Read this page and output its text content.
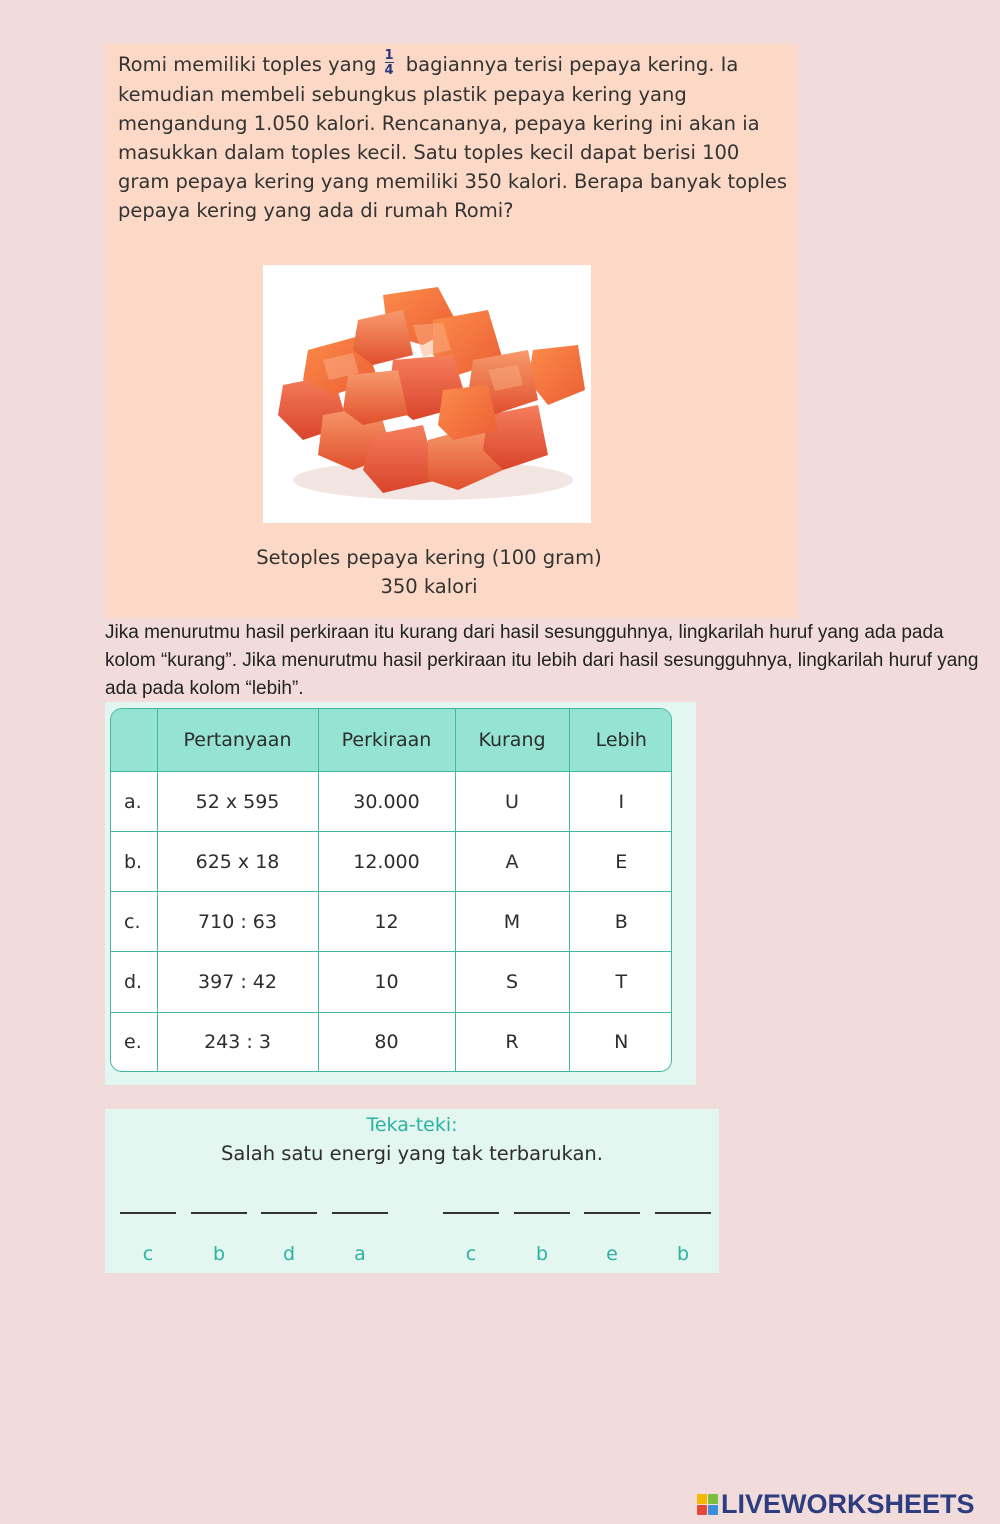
Romi memiliki toples yang $\frac{1}{4}$ bagiannya terisi pepaya kering. Ia kemudian membeli sebungkus plastik pepaya kering yang mengandung 1.050 kalori. Rencananya, pepaya kering ini akan ia masukkan dalam toples kecil. Satu toples kecil dapat berisi 100 gram pepaya kering yang memiliki 350 kalori. Berapa banyak toples pepaya kering yang ada di rumah Romi?
Setoples pepaya kering (100 gram)
350 kalori
Jika menurutmu hasil perkiraan itu kurang dari hasil sesungguhnya, lingkarilah huruf yang ada pada kolom “kurang”. Jika menurutmu hasil perkiraan itu lebih dari hasil sesungguhnya, lingkarilah huruf yang ada pada kolom “lebih”.
	Pertanyaan	Perkiraan	Kurang	Lebih
a.	52 x 595	30.000	U	I
b.	625 x 18	12.000	A	E
c.	710 : 63	12	M	B
d.	397 : 42	10	S	T
e.	243 : 3	80	R	N
Teka-teki:
Salah satu energi yang tak terbarukan.
c	b	d	a	c	b	e	b
LIVEWORKSHEETS
